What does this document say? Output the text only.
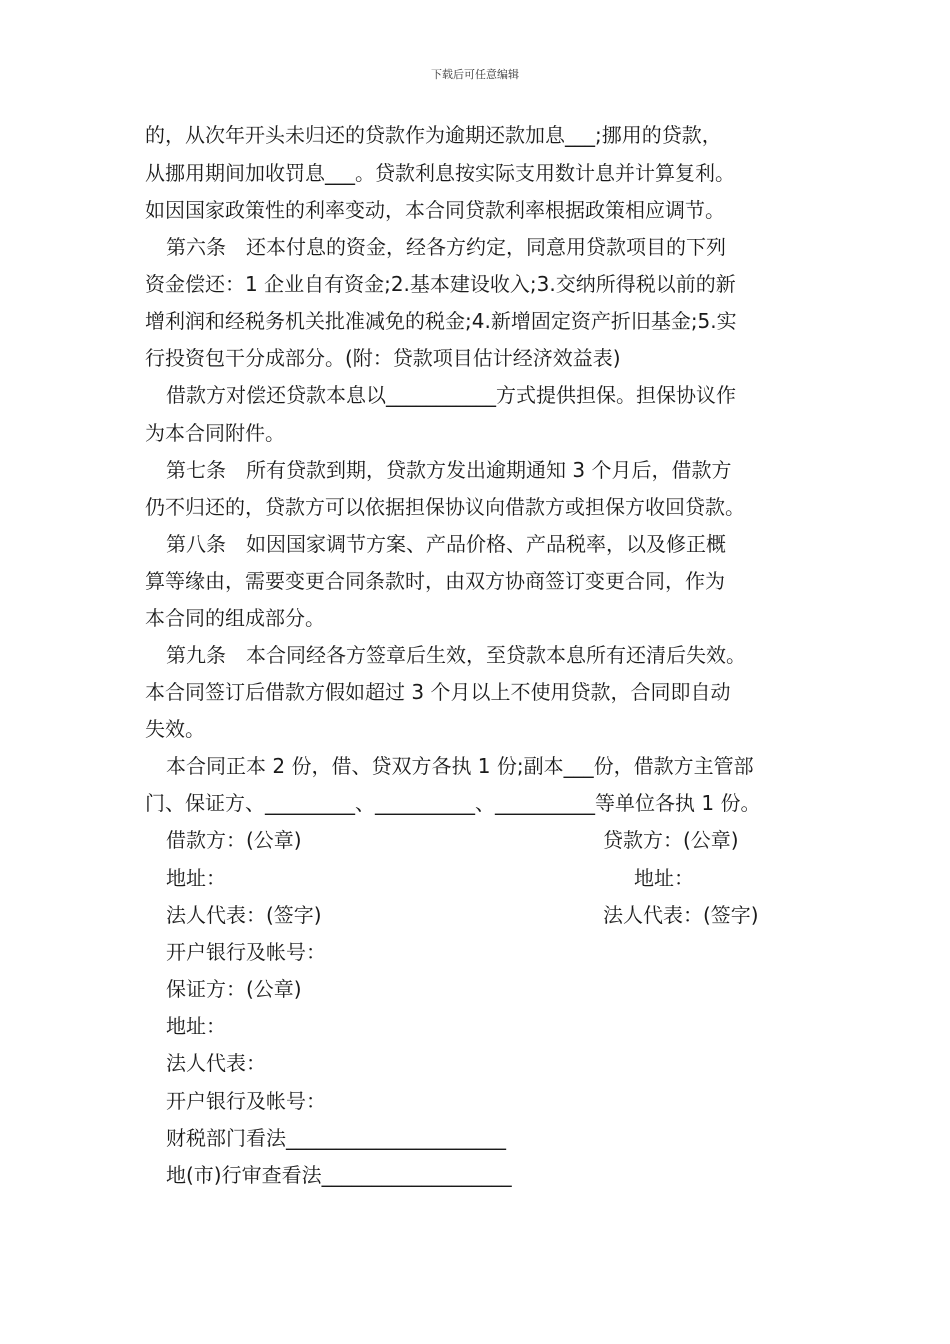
下载后可任意编辑
的，从次年开头未归还的贷款作为逾期还款加息___;挪用的贷款，
从挪用期间加收罚息___。贷款利息按实际支用数计息并计算复利。
如因国家政策性的利率变动，本合同贷款利率根据政策相应调节。
第六条　还本付息的资金，经各方约定，同意用贷款项目的下列
资金偿还：1 企业自有资金;2.基本建设收入;3.交纳所得税以前的新
增利润和经税务机关批准减免的税金;4.新增固定资产折旧基金;5.实
行投资包干分成部分。(附：贷款项目估计经济效益表)
借款方对偿还贷款本息以___________方式提供担保。担保协议作
为本合同附件。
第七条　所有贷款到期，贷款方发出逾期通知 3 个月后，借款方
仍不归还的，贷款方可以依据担保协议向借款方或担保方收回贷款。
第八条　如因国家调节方案、产品价格、产品税率，以及修正概
算等缘由，需要变更合同条款时，由双方协商签订变更合同，作为
本合同的组成部分。
第九条　本合同经各方签章后生效，至贷款本息所有还清后失效。
本合同签订后借款方假如超过 3 个月以上不使用贷款，合同即自动
失效。
本合同正本 2 份，借、贷双方各执 1 份;副本___份，借款方主管部
门、保证方、_________、__________、__________等单位各执 1 份。
借款方：(公章)	贷款方：(公章)
地址：	地址：
法人代表：(签字)	法人代表：(签字)
开户银行及帐号：
保证方：(公章)
地址：
法人代表：
开户银行及帐号：
财税部门看法______________________
地(市)行审查看法___________________
